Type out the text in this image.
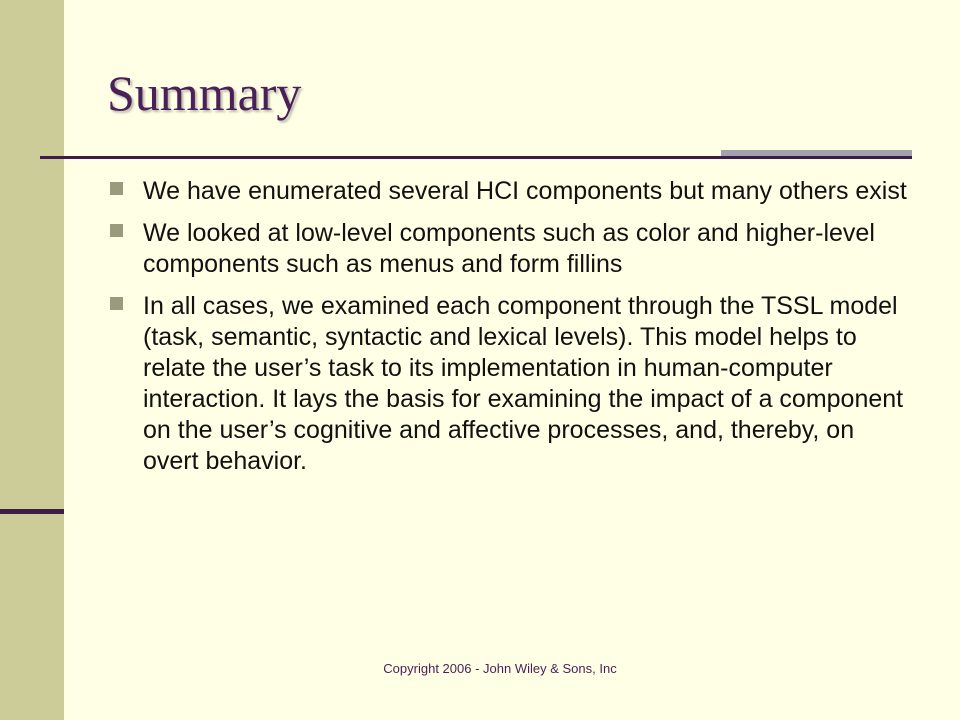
Summary
We have enumerated several HCI components but many others exist
We looked at low-level components such as color and higher-level components such as menus and form fillins
In all cases, we examined each component through the TSSL model (task, semantic, syntactic and lexical levels). This model helps to relate the user’s task to its implementation in human-computer interaction. It lays the basis for examining the impact of a component on the user’s cognitive and affective processes, and, thereby, on overt behavior.
Copyright 2006 - John Wiley & Sons, Inc
